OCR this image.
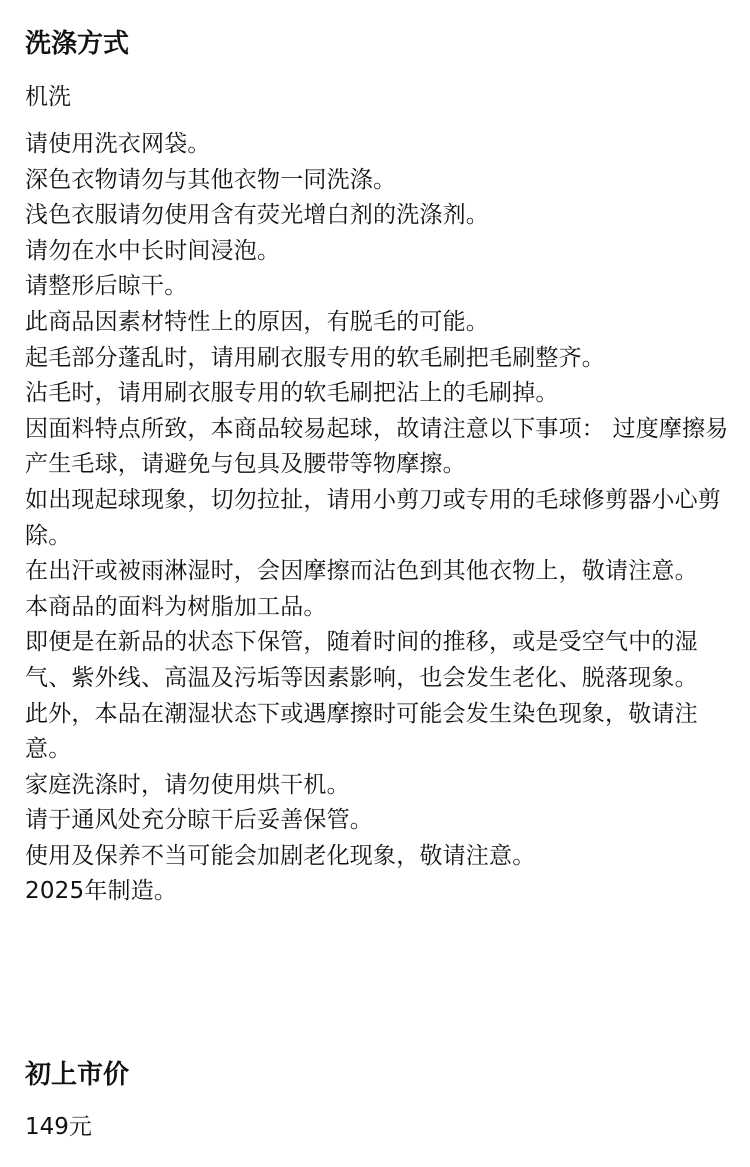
洗涤方式
机洗
请使用洗衣网袋。
深色衣物请勿与其他衣物一同洗涤。
浅色衣服请勿使用含有荧光增白剂的洗涤剂。
请勿在水中长时间浸泡。
请整形后晾干。
此商品因素材特性上的原因，有脱毛的可能。
起毛部分蓬乱时，请用刷衣服专用的软毛刷把毛刷整齐。
沾毛时，请用刷衣服专用的软毛刷把沾上的毛刷掉。
因面料特点所致，本商品较易起球，故请注意以下事项： 过度摩擦易产生毛球，请避免与包具及腰带等物摩擦。
如出现起球现象，切勿拉扯，请用小剪刀或专用的毛球修剪器小心剪除。
在出汗或被雨淋湿时，会因摩擦而沾色到其他衣物上，敬请注意。
本商品的面料为树脂加工品。
即便是在新品的状态下保管，随着时间的推移，或是受空气中的湿气、紫外线、高温及污垢等因素影响，也会发生老化、脱落现象。
此外，本品在潮湿状态下或遇摩擦时可能会发生染色现象，敬请注意。
家庭洗涤时，请勿使用烘干机。
请于通风处充分晾干后妥善保管。
使用及保养不当可能会加剧老化现象，敬请注意。
2025年制造。
初上市价
149元
